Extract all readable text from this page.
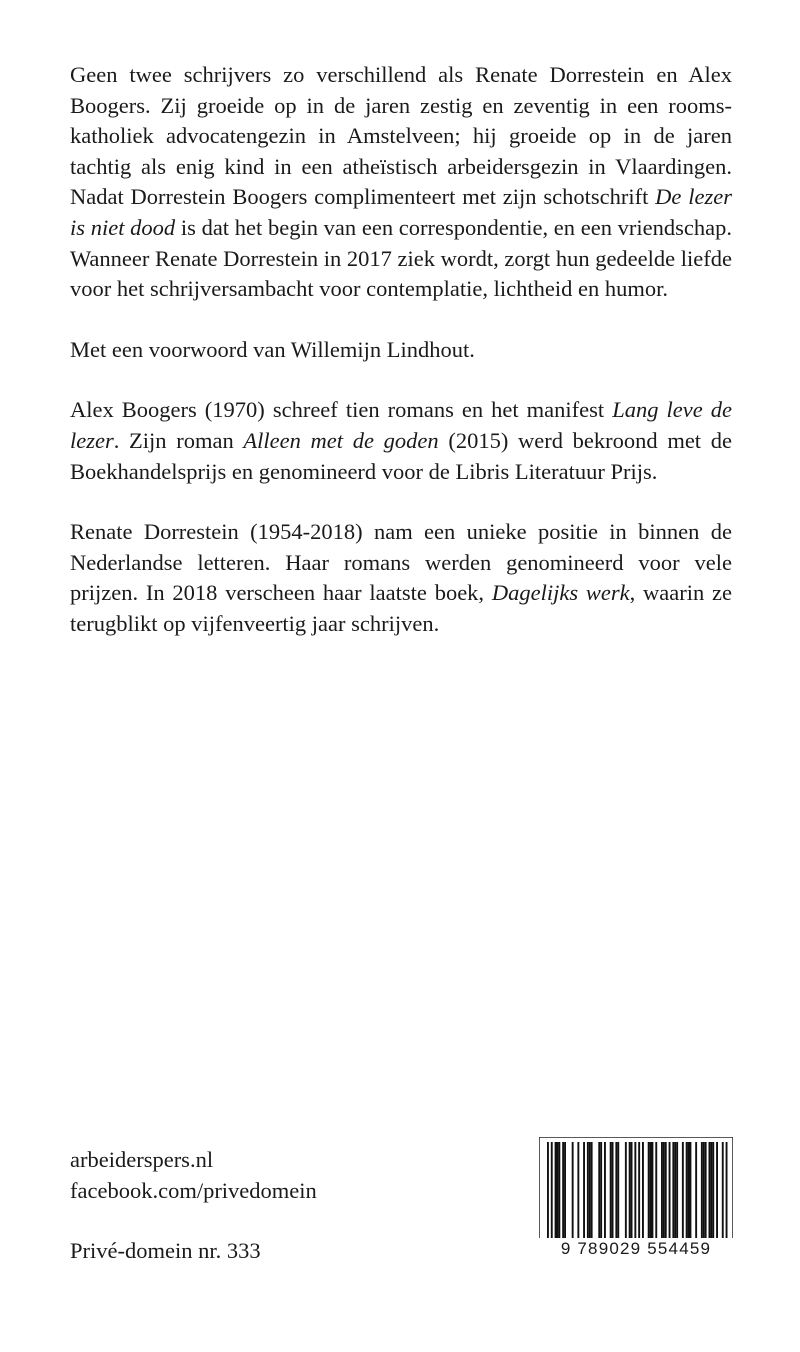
Geen twee schrijvers zo verschillend als Renate Dorrestein en Alex Boogers. Zij groeide op in de jaren zestig en zeventig in een rooms-katholiek advocatengezin in Amstelveen; hij groeide op in de jaren tachtig als enig kind in een atheïstisch arbeidersgezin in Vlaardingen. Nadat Dorrestein Boogers complimenteert met zijn schotschrift De lezer is niet dood is dat het begin van een correspondentie, en een vriendschap. Wanneer Renate Dorrestein in 2017 ziek wordt, zorgt hun gedeelde liefde voor het schrijversambacht voor contemplatie, lichtheid en humor.

Met een voorwoord van Willemijn Lindhout.

Alex Boogers (1970) schreef tien romans en het manifest Lang leve de lezer. Zijn roman Alleen met de goden (2015) werd bekroond met de Boekhandelsprijs en genomineerd voor de Libris Literatuur Prijs.

Renate Dorrestein (1954-2018) nam een unieke positie in binnen de Nederlandse letteren. Haar romans werden genomineerd voor vele prijzen. In 2018 verscheen haar laatste boek, Dagelijks werk, waarin ze terugblikt op vijfenveertig jaar schrijven.

arbeiderspers.nl
facebook.com/privedomein
Privé-domein nr. 333	9 789029 554459
